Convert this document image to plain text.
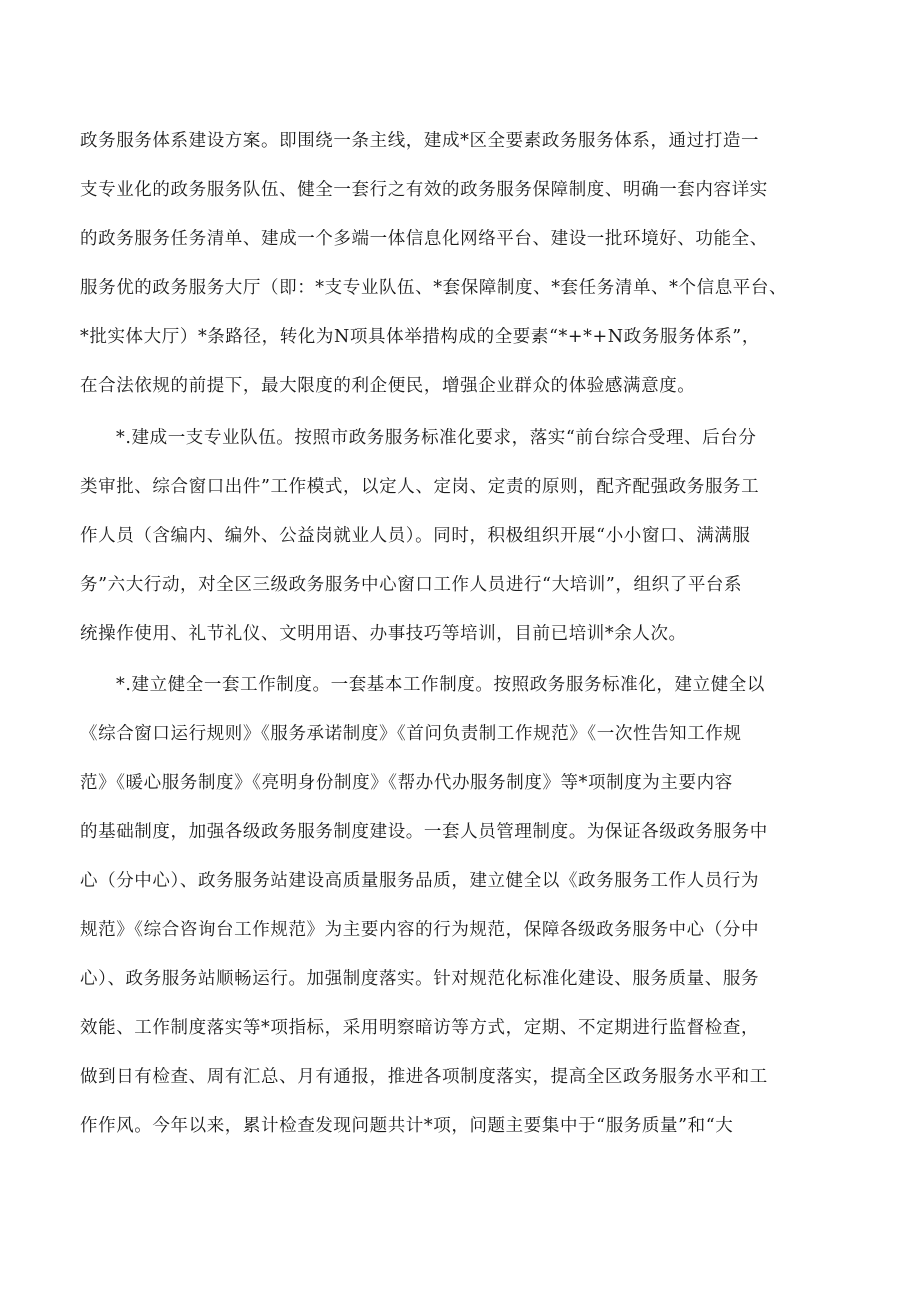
政务服务体系建设方案。即围绕一条主线，建成*区全要素政务服务体系，通过打造一
支专业化的政务服务队伍、健全一套行之有效的政务服务保障制度、明确一套内容详实
的政务服务任务清单、建成一个多端一体信息化网络平台、建设一批环境好、功能全、
服务优的政务服务大厅（即：*支专业队伍、*套保障制度、*套任务清单、*个信息平台、
*批实体大厅）*条路径，转化为N项具体举措构成的全要素“*+*+N政务服务体系”，
在合法依规的前提下，最大限度的利企便民，增强企业群众的体验感满意度。
*.建成一支专业队伍。按照市政务服务标准化要求，落实“前台综合受理、后台分
类审批、综合窗口出件”工作模式，以定人、定岗、定责的原则，配齐配强政务服务工
作人员（含编内、编外、公益岗就业人员）。同时，积极组织开展“小小窗口、满满服
务”六大行动，对全区三级政务服务中心窗口工作人员进行“大培训”，组织了平台系
统操作使用、礼节礼仪、文明用语、办事技巧等培训，目前已培训*余人次。
*.建立健全一套工作制度。一套基本工作制度。按照政务服务标准化，建立健全以
《综合窗口运行规则》《服务承诺制度》《首问负责制工作规范》《一次性告知工作规
范》《暖心服务制度》《亮明身份制度》《帮办代办服务制度》等*项制度为主要内容
的基础制度，加强各级政务服务制度建设。一套人员管理制度。为保证各级政务服务中
心（分中心）、政务服务站建设高质量服务品质，建立健全以《政务服务工作人员行为
规范》《综合咨询台工作规范》为主要内容的行为规范，保障各级政务服务中心（分中
心）、政务服务站顺畅运行。加强制度落实。针对规范化标准化建设、服务质量、服务
效能、工作制度落实等*项指标，采用明察暗访等方式，定期、不定期进行监督检查，
做到日有检查、周有汇总、月有通报，推进各项制度落实，提高全区政务服务水平和工
作作风。今年以来，累计检查发现问题共计*项，问题主要集中于“服务质量”和“大
